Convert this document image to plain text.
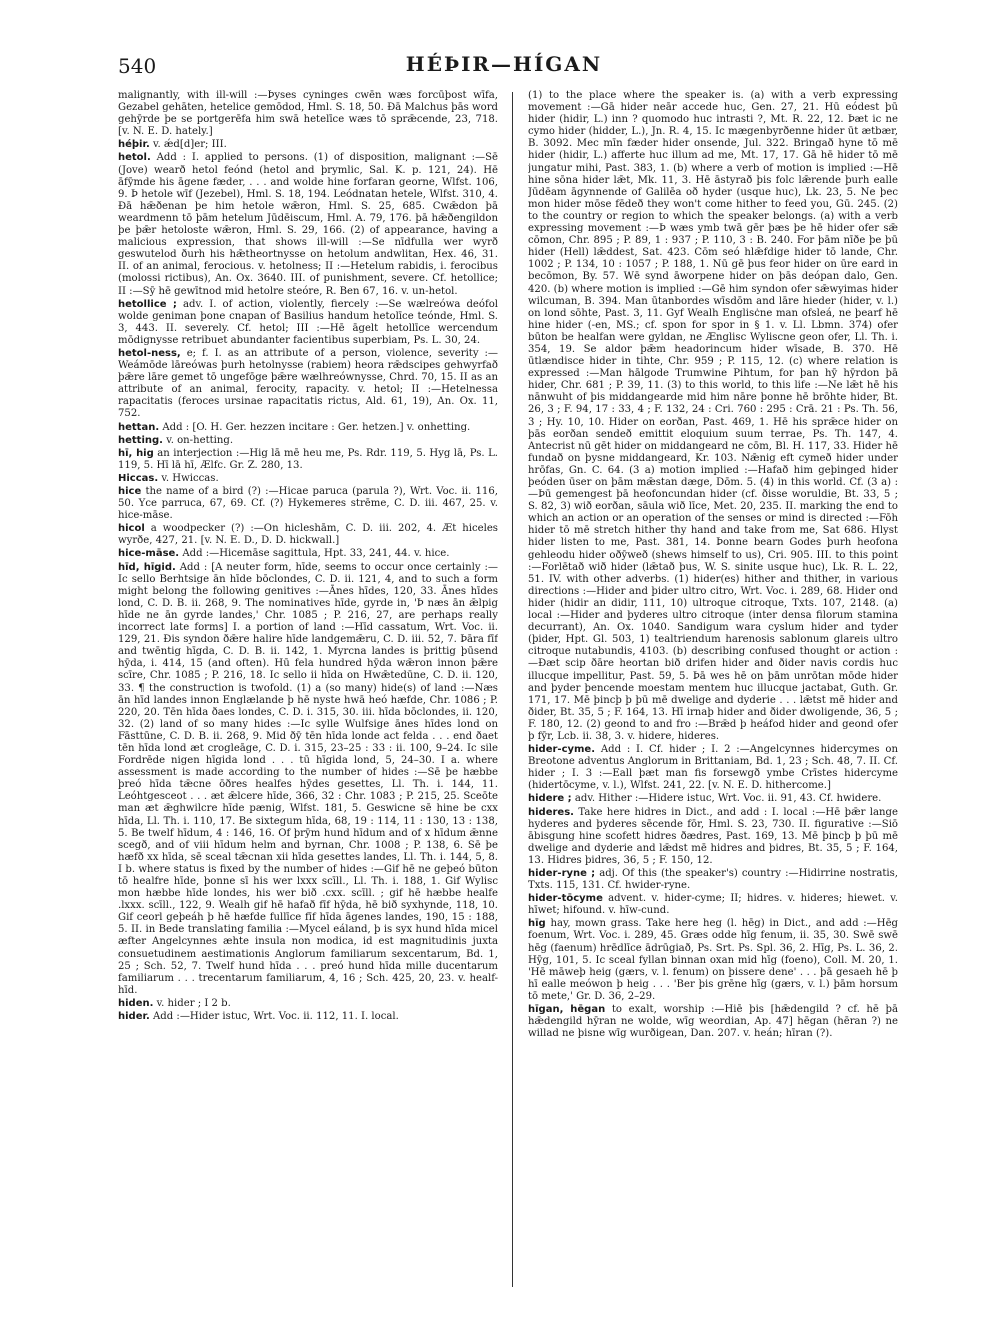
540	HÉÞIR—HÍGAN

malignantly, with ill-will :—Þyses cyninges cwēn wæs forcūþost wīfa, Gezabel gehāten, hetelice gemōdod, Hml. S. 18, 50. Ðā Malchus þās word gehȳrde þe se portgerēfa him swā hetelīce wæs tō sprǣcende, 23, 718. [v. N. E. D. hately.]

héþir. v. ǽd[d]er; III.

hetol. Add : I. applied to persons. (1) of disposition, malignant :—Sē (Jove) wearð hetol feónd (hetol and þrymlic, Sal. K. p. 121, 24). Hē āfȳmde his āgene fæder, . . . and wolde hine forfaran georne, Wlfst. 106, 9. Þ hetole wīf (Jezebel), Hml. S. 18, 194. Leódnatan hetele, Wlfst. 310, 4. Ðā hǣðenan þe him hetole wǣron, Hml. S. 25, 685. Cwǣdon þā weardmenn tō þām hetelum Jūdēiscum, Hml. A. 79, 176. þā hǣðengildon þe þǣr hetoloste wǣron, Hml. S. 29, 166. (2) of appearance, having a malicious expression, that shows ill-will :—Se nīdfulla wer wyrð geswutelod ðurh his hǣtheortnysse on hetolum andwlitan, Hex. 46, 31. II. of an animal, ferocious. v. hetolness; II :—Hetelum rabidis, i. ferocibus (molossi rictibus), An. Ox. 3640. III. of punishment, severe. Cf. hetollice; II :—Sȳ hē gewītnod mid hetolre steóre, R. Ben 67, 16. v. un-hetol.

hetollice ; adv. I. of action, violently, fiercely :—Se wælreówa deófol wolde geniman þone cnapan of Basilius handum hetolīce teónde, Hml. S. 3, 443. II. severely. Cf. hetol; III :—Hē āgelt hetollīce wercendum mōdignysse retribuet abundanter facientibus superbiam, Ps. L. 30, 24.

hetol-ness, e; f. I. as an attribute of a person, violence, severity :—Weámōde lāreówas þurh hetolnysse (rabiem) heora rǣdscipes gehwyrfað þǣre lāre gemet tō ungefōge þǣre wælhreównysse, Chrd. 70, 15. II as an attribute of an animal, ferocity, rapacity. v. hetol; II :—Hetelnessa rapacitatis (feroces ursinae rapacitatis rictus, Ald. 61, 19), An. Ox. 11, 752.

hettan. Add : [O. H. Ger. hezzen incitare : Ger. hetzen.] v. onhetting.

hetting. v. on-hetting.

hī, hig an interjection :—Hig lā mē heu me, Ps. Rdr. 119, 5. Hyg lā, Ps. L. 119, 5. Hī lā hī, Ælfc. Gr. Z. 280, 13.

Hiccas. v. Hwiccas.

hice the name of a bird (?) :—Hicae paruca (parula ?), Wrt. Voc. ii. 116, 50. Yce parruca, 67, 69. Cf. (?) Hykemeres strēme, C. D. iii. 467, 25. v. hice-māse.

hicol a woodpecker (?) :—On hicleshām, C. D. iii. 202, 4. Æt hiceles wyrðe, 427, 21. [v. N. E. D., D. D. hickwall.]

hice-māse. Add :—Hicemāse sagittula, Hpt. 33, 241, 44. v. hice.

hīd, hīgid. Add : [A neuter form, hīde, seems to occur once certainly :—Ic sello Berhtsige ān hīde bōclondes, C. D. ii. 121, 4, and to such a form might belong the following genitives :—Ānes hīdes, 120, 33. Ānes hīdes lond, C. D. B. ii. 268, 9. The nominatives hīde, gyrde in, 'Þ næs ān ǣlpig hīde ne ān gyrde landes,' Chr. 1085 ; P. 216, 27, are perhaps really incorrect late forms] I. a portion of land :—Hīd cassatum, Wrt. Voc. ii. 129, 21. Ðis syndon ðǣre halire hīde landgemǣru, C. D. iii. 52, 7. Þāra fīf and twēntig hīgda, C. D. B. ii. 142, 1. Myrcna landes is þrittig þūsend hȳda, i. 414, 15 (and often). Hū fela hundred hȳda wǣron innon þǣre scīre, Chr. 1085 ; P. 216, 18. Ic sello ii hīda on Hwǣtedūne, C. D. ii. 120, 33. ¶ the construction is twofold. (1) a (so many) hide(s) of land :—Næs ān hīd landes innon Englælande þ hē nyste hwā heó hæfde, Chr. 1086 ; P. 220, 20. Tēn hīda ðaes londes, C. D. i. 315, 30. iii. hīda bōclondes, ii. 120, 32. (2) land of so many hides :—Ic sylle Wulfsige ānes hīdes lond on Fāsttūne, C. D. B. ii. 268, 9. Mid ðȳ tēn hīda londe act felda . . . end ðaet tēn hīda lond æt crogleāge, C. D. i. 315, 23–25 : 33 : ii. 100, 9–24. Ic sile Fordrēde nigen hīgida lond . . . tū hīgida lond, 5, 24–30. I a. where assessment is made according to the number of hides :—Sē þe hæbbe þreó hīda tǣcne ōðres healfes hȳdes gesettes, Ll. Th. i. 144, 11. Leóhtgesceot . . . æt ǣlcere hīde, 366, 32 : Chr. 1083 ; P. 215, 25. Sceōte man æt ǣghwilcre hīde pænig, Wlfst. 181, 5. Geswicne sē hine be cxx hīda, Ll. Th. i. 110, 17. Be sixtegum hīda, 68, 19 : 114, 11 : 130, 13 : 138, 5. Be twelf hīdum, 4 : 146, 16. Of þrȳm hund hīdum and of x hīdum ǣnne scegð, and of viii hīdum helm and byrnan, Chr. 1008 ; P. 138, 6. Sē þe hæfð xx hīda, sē sceal tǣcnan xii hīda gesettes landes, Ll. Th. i. 144, 5, 8. I b. where status is fixed by the number of hides :—Gif hē ne geþeó būton tō healfre hīde, þonne sī his wer lxxx scīll., Ll. Th. i. 188, 1. Gif Wylisc mon hæbbe hīde londes, his wer bið .cxx. scīll. ; gif hē hæbbe healfe .lxxx. scīll., 122, 9. Wealh gif hē hafað fīf hȳda, hē bið syxhynde, 118, 10. Gif ceorl geþeáh þ hē hæfde fullīce fīf hīda āgenes landes, 190, 15 : 188, 5. II. in Bede translating familia :—Mycel eáland, þ is syx hund hīda micel æfter Angelcynnes æhte insula non modica, id est magnitudinis juxta consuetudinem aestimationis Anglorum familiarum sexcentarum, Bd. 1, 25 ; Sch. 52, 7. Twelf hund hīda . . . preó hund hīda mille ducentarum familiarum . . . trecentarum familiarum, 4, 16 ; Sch. 425, 20, 23. v. healf-hīd.

hiden. v. hider ; I 2 b.

hider. Add :—Hider istuc, Wrt. Voc. ii. 112, 11. I. local.

(1) to the place where the speaker is. (a) with a verb expressing movement :—Gā hider neār accede huc, Gen. 27, 21. Hū eódest þū hider (hidir, L.) inn ? quomodo huc intrasti ?, Mt. R. 22, 12. Þæt ic ne cymo hider (hidder, L.), Jn. R. 4, 15. Ic mægenbyrðenne hider ūt ætbær, B. 3092. Mec mīn fæder hider onsende, Jul. 322. Bringað hyne tō mē hider (hidir, L.) afferte huc illum ad me, Mt. 17, 17. Gā hē hider tō mē jungatur mihi, Past. 383, 1. (b) where a verb of motion is implied :—Hē hine sōna hider lǣt, Mk. 11, 3. Hē āstyrað þis folc lǣrende þurh ealle Jūdēam āgynnende of Galilēa oð hyder (usque huc), Lk. 23, 5. Ne þec mon hider mōse fēdeð they won't come hither to feed you, Gū. 245. (2) to the country or region to which the speaker belongs. (a) with a verb expressing movement :—Þ wæs ymb twā gēr þæs þe hē hider ofer sǣ cōmon, Chr. 895 ; P. 89, 1 : 937 ; P. 110, 3 : B. 240. For þām nīðe þe þū hider (Hell) lǣddest, Sat. 423. Cōm seó hlǣfdige hider tō lande, Chr. 1002 ; P. 134, 10 : 1057 ; P. 188, 1. Nū gē þus feor hider on ūre eard in becōmon, By. 57. Wē synd āworpene hider on þās deópan dalo, Gen. 420. (b) where motion is implied :—Gē him syndon ofer sǣwyimas hider wilcuman, B. 394. Man ūtanbordes wīsdōm and lāre hieder (hider, v. l.) on lond sōhte, Past. 3, 11. Gyf Wealh Englisċne man ofsleá, ne þearf hē hine hider (-en, MS.; cf. spon for spor in § 1. v. Ll. Lbmn. 374) ofer būton be healfan were gyldan, ne Ænglisc Wyliscne geon ofer, Ll. Th. i. 354, 19. Se aldor þǣm headorincum hider wīsade, B. 370. Hē ūtlændisce hider in tihte, Chr. 959 ; P. 115, 12. (c) where relation is expressed :—Man hālgode Trumwine Pihtum, for þan hȳ hȳrdon þā hider, Chr. 681 ; P. 39, 11. (3) to this world, to this life :—Ne lǣt hē his nānwuht of þis middangearde mid him nāre þonne hē brōhte hider, Bt. 26, 3 ; F. 94, 17 : 33, 4 ; F. 132, 24 : Cri. 760 : 295 : Crā. 21 : Ps. Th. 56, 3 ; Hy. 10, 10. Hider on eorðan, Past. 469, 1. Hē his sprǣce hider on þās eorðan sendeð emittit eloquium suum terrae, Ps. Th. 147, 4. Antecrist nū gēt hider on middangeard ne cōm, Bl. H. 117, 33. Hider hē fundað on þysne middangeard, Kr. 103. Nǣnig eft cymeð hider under hrōfas, Gn. C. 64. (3 a) motion implied :—Hafað him geþinged hider þeóden ūser on þām mǣstan dæge, Dōm. 5. (4) in this world. Cf. (3 a) :—Þū gemengest þā heofoncundan hider (cf. ðisse woruldie, Bt. 33, 5 ; S. 82, 3) wið eorðan, sāula wið līce, Met. 20, 235. II. marking the end to which an action or an operation of the senses or mind is directed :—Fōh hider tō mē stretch hither thy hand and take from me, Sat 686. Hlyst hider listen to me, Past. 381, 14. Þonne bearn Godes þurh heofona gehleodu hider oðȳweð (shews himself to us), Cri. 905. III. to this point :—Forlētað wið hider (lǣtað þus, W. S. sinite usque huc), Lk. R. L. 22, 51. IV. with other adverbs. (1) hider(es) hither and thither, in various directions :—Hider and þider ultro citro, Wrt. Voc. i. 289, 68. Hider ond hider (hidir an didir, 111, 10) ultroque citroque, Txts. 107, 2148. (a) local :—Hider and þyderes ultro citroque (inter densa filorum stamina decurrant), An. Ox. 1040. Sandigum wara cyslum hider and tyder (þider, Hpt. Gl. 503, 1) tealtriendum harenosis sablonum glareis ultro citroque nutabundis, 4103. (b) describing confused thought or action :—Ðæt scip ðāre heortan bið drifen hider and ðider navis cordis huc illucque impellitur, Past. 59, 5. Þā wes hē on þām unrōtan mōde hider and þyder þencende moestam mentem huc illucque jactabat, Guth. Gr. 171, 17. Mē þincþ þ þū mē dwelige and dyderie . . . lǣtst mē hider and ðider, Bt. 35, 5 ; F. 164, 13. Hī irnaþ hider and ðider dwoligende, 36, 5 ; F. 180, 12. (2) geond to and fro :—Brǣd þ heáfod hider and geond ofer þ fȳr, Lcb. ii. 38, 3. v. hidere, hideres.

hider-cyme. Add : I. Cf. hider ; I. 2 :—Angelcynnes hidercymes on Breotone adventus Anglorum in Brittaniam, Bd. 1, 23 ; Sch. 48, 7. II. Cf. hider ; I. 3 :—Eall þæt man fis forsewgð ymbe Crīstes hidercyme (hidertōcyme, v. l.), Wlfst. 241, 22. [v. N. E. D. hithercome.]

hidere ; adv. Hither :—Hidere istuc, Wrt. Voc. ii. 91, 43. Cf. hwidere.

hideres. Take here hidres in Dict., and add : I. local :—Hē þǣr lange hyderes and þyderes sēcende fōr, Hml. S. 23, 730. II. figurative :—Siō ābisgung hine scofett hidres ðædres, Past. 169, 13. Mē þincþ þ þū mē dwelige and dyderie and lǣdst mē hidres and þidres, Bt. 35, 5 ; F. 164, 13. Hidres þidres, 36, 5 ; F. 150, 12.

hider-ryne ; adj. Of this (the speaker's) country :—Hidirrine nostratis, Txts. 115, 131. Cf. hwider-ryne.

hider-tōcyme advent. v. hider-cyme; II; hidres. v. hideres; hiewet. v. hīwet; hifound. v. hīw-cund.

hīg hay, mown grass. Take here heg (l. hēg) in Dict., and add :—Hēg foenum, Wrt. Voc. i. 289, 45. Græs odde hīg fenum, ii. 35, 30. Swē swē hēg (faenum) hrēdlīce ādrūgiað, Ps. Srt. Ps. Spl. 36, 2. Hīg, Ps. L. 36, 2. Hȳg, 101, 5. Ic sceal fyllan binnan oxan mid hīg (foeno), Coll. M. 20, 1. 'Hē māweþ heig (gærs, v. l. fenum) on þissere dene' . . . þā gesaeh hē þ hī ealle meówon þ heig . . . 'Ber þis grēne hīg (gærs, v. l.) þām horsum tō mete,' Gr. D. 36, 2–29.

hīgan, hēgan to exalt, worship :—Hiē þis [hǣdengild ? cf. hē þā hǣdengild hȳran ne wolde, wīg weordian, Ap. 47] hēgan (hēran ?) ne willad ne þisne wīg wurðigean, Dan. 207. v. heán; hīran (?).
